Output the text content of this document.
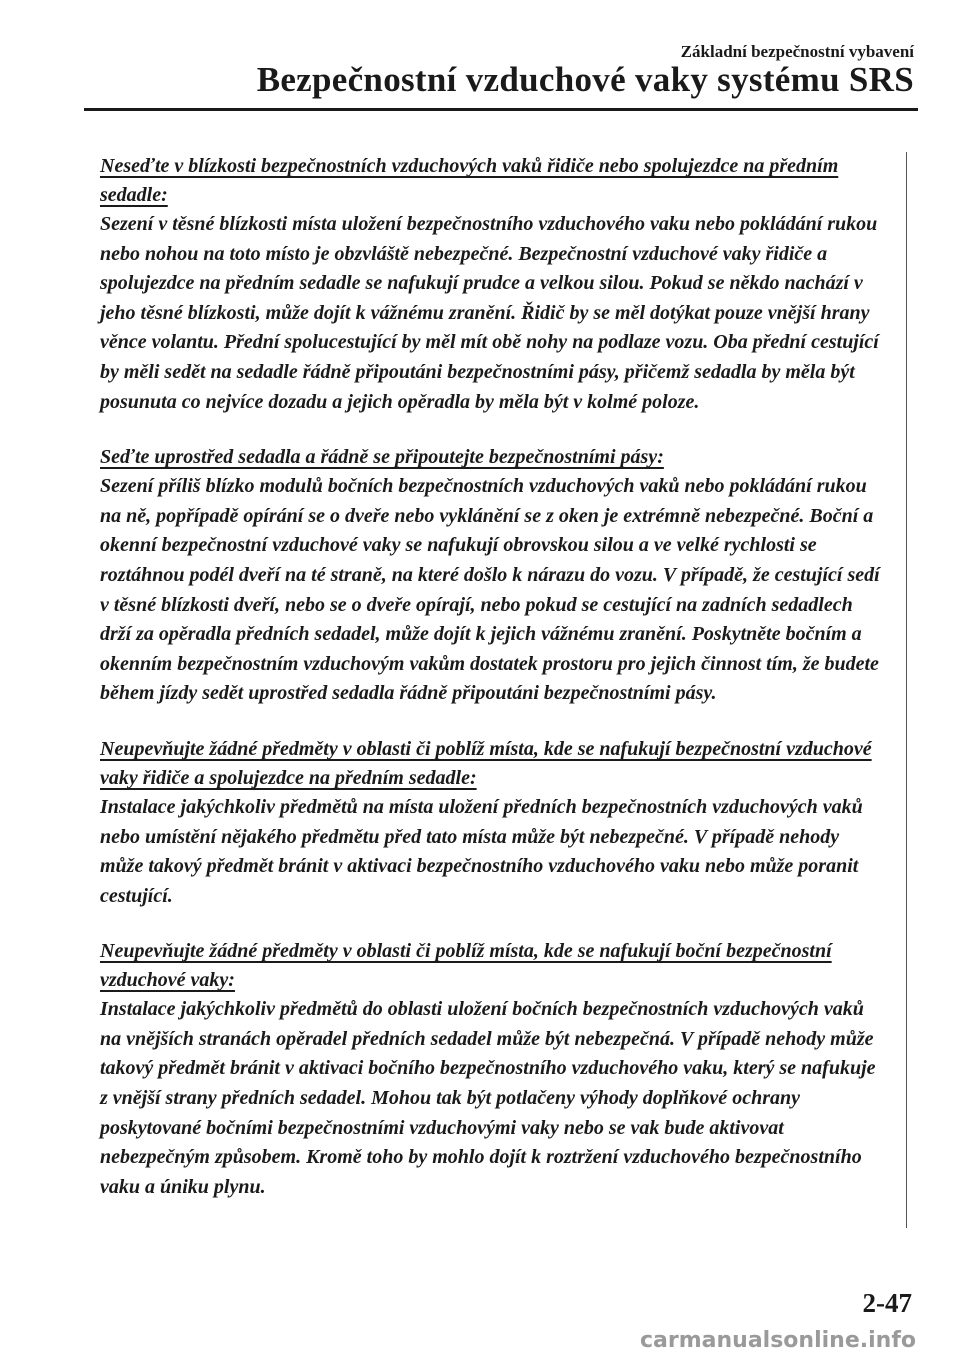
Základní bezpečnostní vybavení
Bezpečnostní vzduchové vaky systému SRS

Neseďte v blízkosti bezpečnostních vzduchových vaků řidiče nebo spolujezdce na předním sedadle:

Sezení v těsné blízkosti místa uložení bezpečnostního vzduchového vaku nebo pokládání rukou nebo nohou na toto místo je obzvláště nebezpečné. Bezpečnostní vzduchové vaky řidiče a spolujezdce na předním sedadle se nafukují prudce a velkou silou. Pokud se někdo nachází v jeho těsné blízkosti, může dojít k vážnému zranění. Řidič by se měl dotýkat pouze vnější hrany věnce volantu. Přední spolucestující by měl mít obě nohy na podlaze vozu. Oba přední cestující by měli sedět na sedadle řádně připoutáni bezpečnostními pásy, přičemž sedadla by měla být posunuta co nejvíce dozadu a jejich opěradla by měla být v kolmé poloze.

Seďte uprostřed sedadla a řádně se připoutejte bezpečnostními pásy:

Sezení příliš blízko modulů bočních bezpečnostních vzduchových vaků nebo pokládání rukou na ně, popřípadě opírání se o dveře nebo vyklánění se z oken je extrémně nebezpečné. Boční a okenní bezpečnostní vzduchové vaky se nafukují obrovskou silou a ve velké rychlosti se roztáhnou podél dveří na té straně, na které došlo k nárazu do vozu. V případě, že cestující sedí v těsné blízkosti dveří, nebo se o dveře opírají, nebo pokud se cestující na zadních sedadlech drží za opěradla předních sedadel, může dojít k jejich vážnému zranění. Poskytněte bočním a okenním bezpečnostním vzduchovým vakům dostatek prostoru pro jejich činnost tím, že budete během jízdy sedět uprostřed sedadla řádně připoutáni bezpečnostními pásy.

Neupevňujte žádné předměty v oblasti či poblíž místa, kde se nafukují bezpečnostní vzduchové vaky řidiče a spolujezdce na předním sedadle:

Instalace jakýchkoliv předmětů na místa uložení předních bezpečnostních vzduchových vaků nebo umístění nějakého předmětu před tato místa může být nebezpečné. V případě nehody může takový předmět bránit v aktivaci bezpečnostního vzduchového vaku nebo může poranit cestující.

Neupevňujte žádné předměty v oblasti či poblíž místa, kde se nafukují boční bezpečnostní vzduchové vaky:

Instalace jakýchkoliv předmětů do oblasti uložení bočních bezpečnostních vzduchových vaků na vnějších stranách opěradel předních sedadel může být nebezpečná. V případě nehody může takový předmět bránit v aktivaci bočního bezpečnostního vzduchového vaku, který se nafukuje z vnější strany předních sedadel. Mohou tak být potlačeny výhody doplňkové ochrany poskytované bočními bezpečnostními vzduchovými vaky nebo se vak bude aktivovat nebezpečným způsobem. Kromě toho by mohlo dojít k roztržení vzduchového bezpečnostního vaku a úniku plynu.

2-47
carmanualsonline.info
